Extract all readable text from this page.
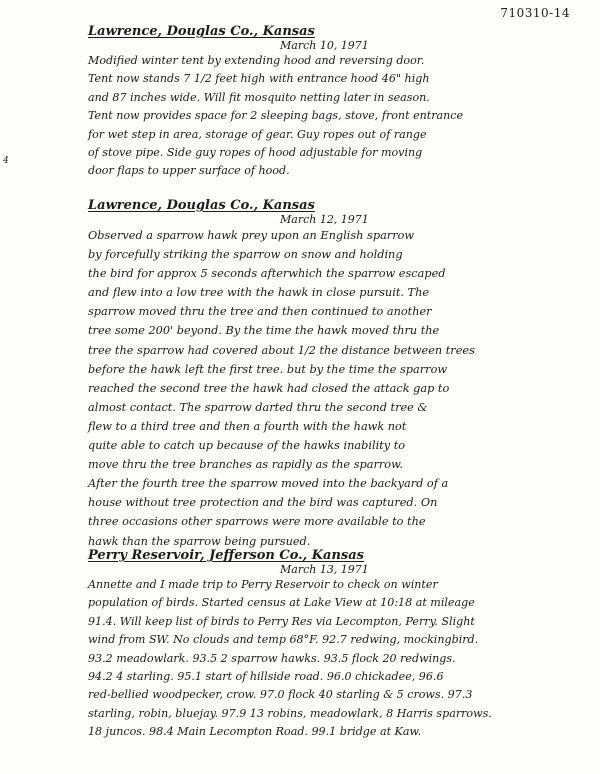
710310-14
4
Lawrence, Douglas Co., Kansas
March 10, 1971
Modified winter tent by extending hood and reversing door.
Tent now stands 7 1/2 feet high with entrance hood 46" high
and 87 inches wide. Will fit mosquito netting later in season.
Tent now provides space for 2 sleeping bags, stove, front entrance
for wet step in area, storage of gear. Guy ropes out of range
of stove pipe. Side guy ropes of hood adjustable for moving
door flaps to upper surface of hood.
Lawrence, Douglas Co., Kansas
March 12, 1971
Observed a sparrow hawk prey upon an English sparrow
by forcefully striking the sparrow on snow and holding
the bird for approx 5 seconds afterwhich the sparrow escaped
and flew into a low tree with the hawk in close pursuit. The
sparrow moved thru the tree and then continued to another
tree some 200' beyond. By the time the hawk moved thru the
tree the sparrow had covered about 1/2 the distance between trees
before the hawk left the first tree. but by the time the sparrow
reached the second tree the hawk had closed the attack gap to
almost contact. The sparrow darted thru the second tree &
flew to a third tree and then a fourth with the hawk not
quite able to catch up because of the hawks inability to
move thru the tree branches as rapidly as the sparrow.
After the fourth tree the sparrow moved into the backyard of a
house without tree protection and the bird was captured. On
three occasions other sparrows were more available to the
hawk than the sparrow being pursued.
Perry Reservoir, Jefferson Co., Kansas
March 13, 1971
Annette and I made trip to Perry Reservoir to check on winter
population of birds. Started census at Lake View at 10:18 at mileage
91.4. Will keep list of birds to Perry Res via Lecompton, Perry. Slight
wind from SW. No clouds and temp 68°F. 92.7 redwing, mockingbird.
93.2 meadowlark. 93.5 2 sparrow hawks. 93.5 flock 20 redwings.
94.2 4 starling. 95.1 start of hillside road. 96.0 chickadee, 96.6
red-bellied woodpecker, crow. 97.0 flock 40 starling & 5 crows. 97.3
starling, robin, bluejay. 97.9 13 robins, meadowlark, 8 Harris sparrows.
18 juncos. 98.4 Main Lecompton Road. 99.1 bridge at Kaw.
